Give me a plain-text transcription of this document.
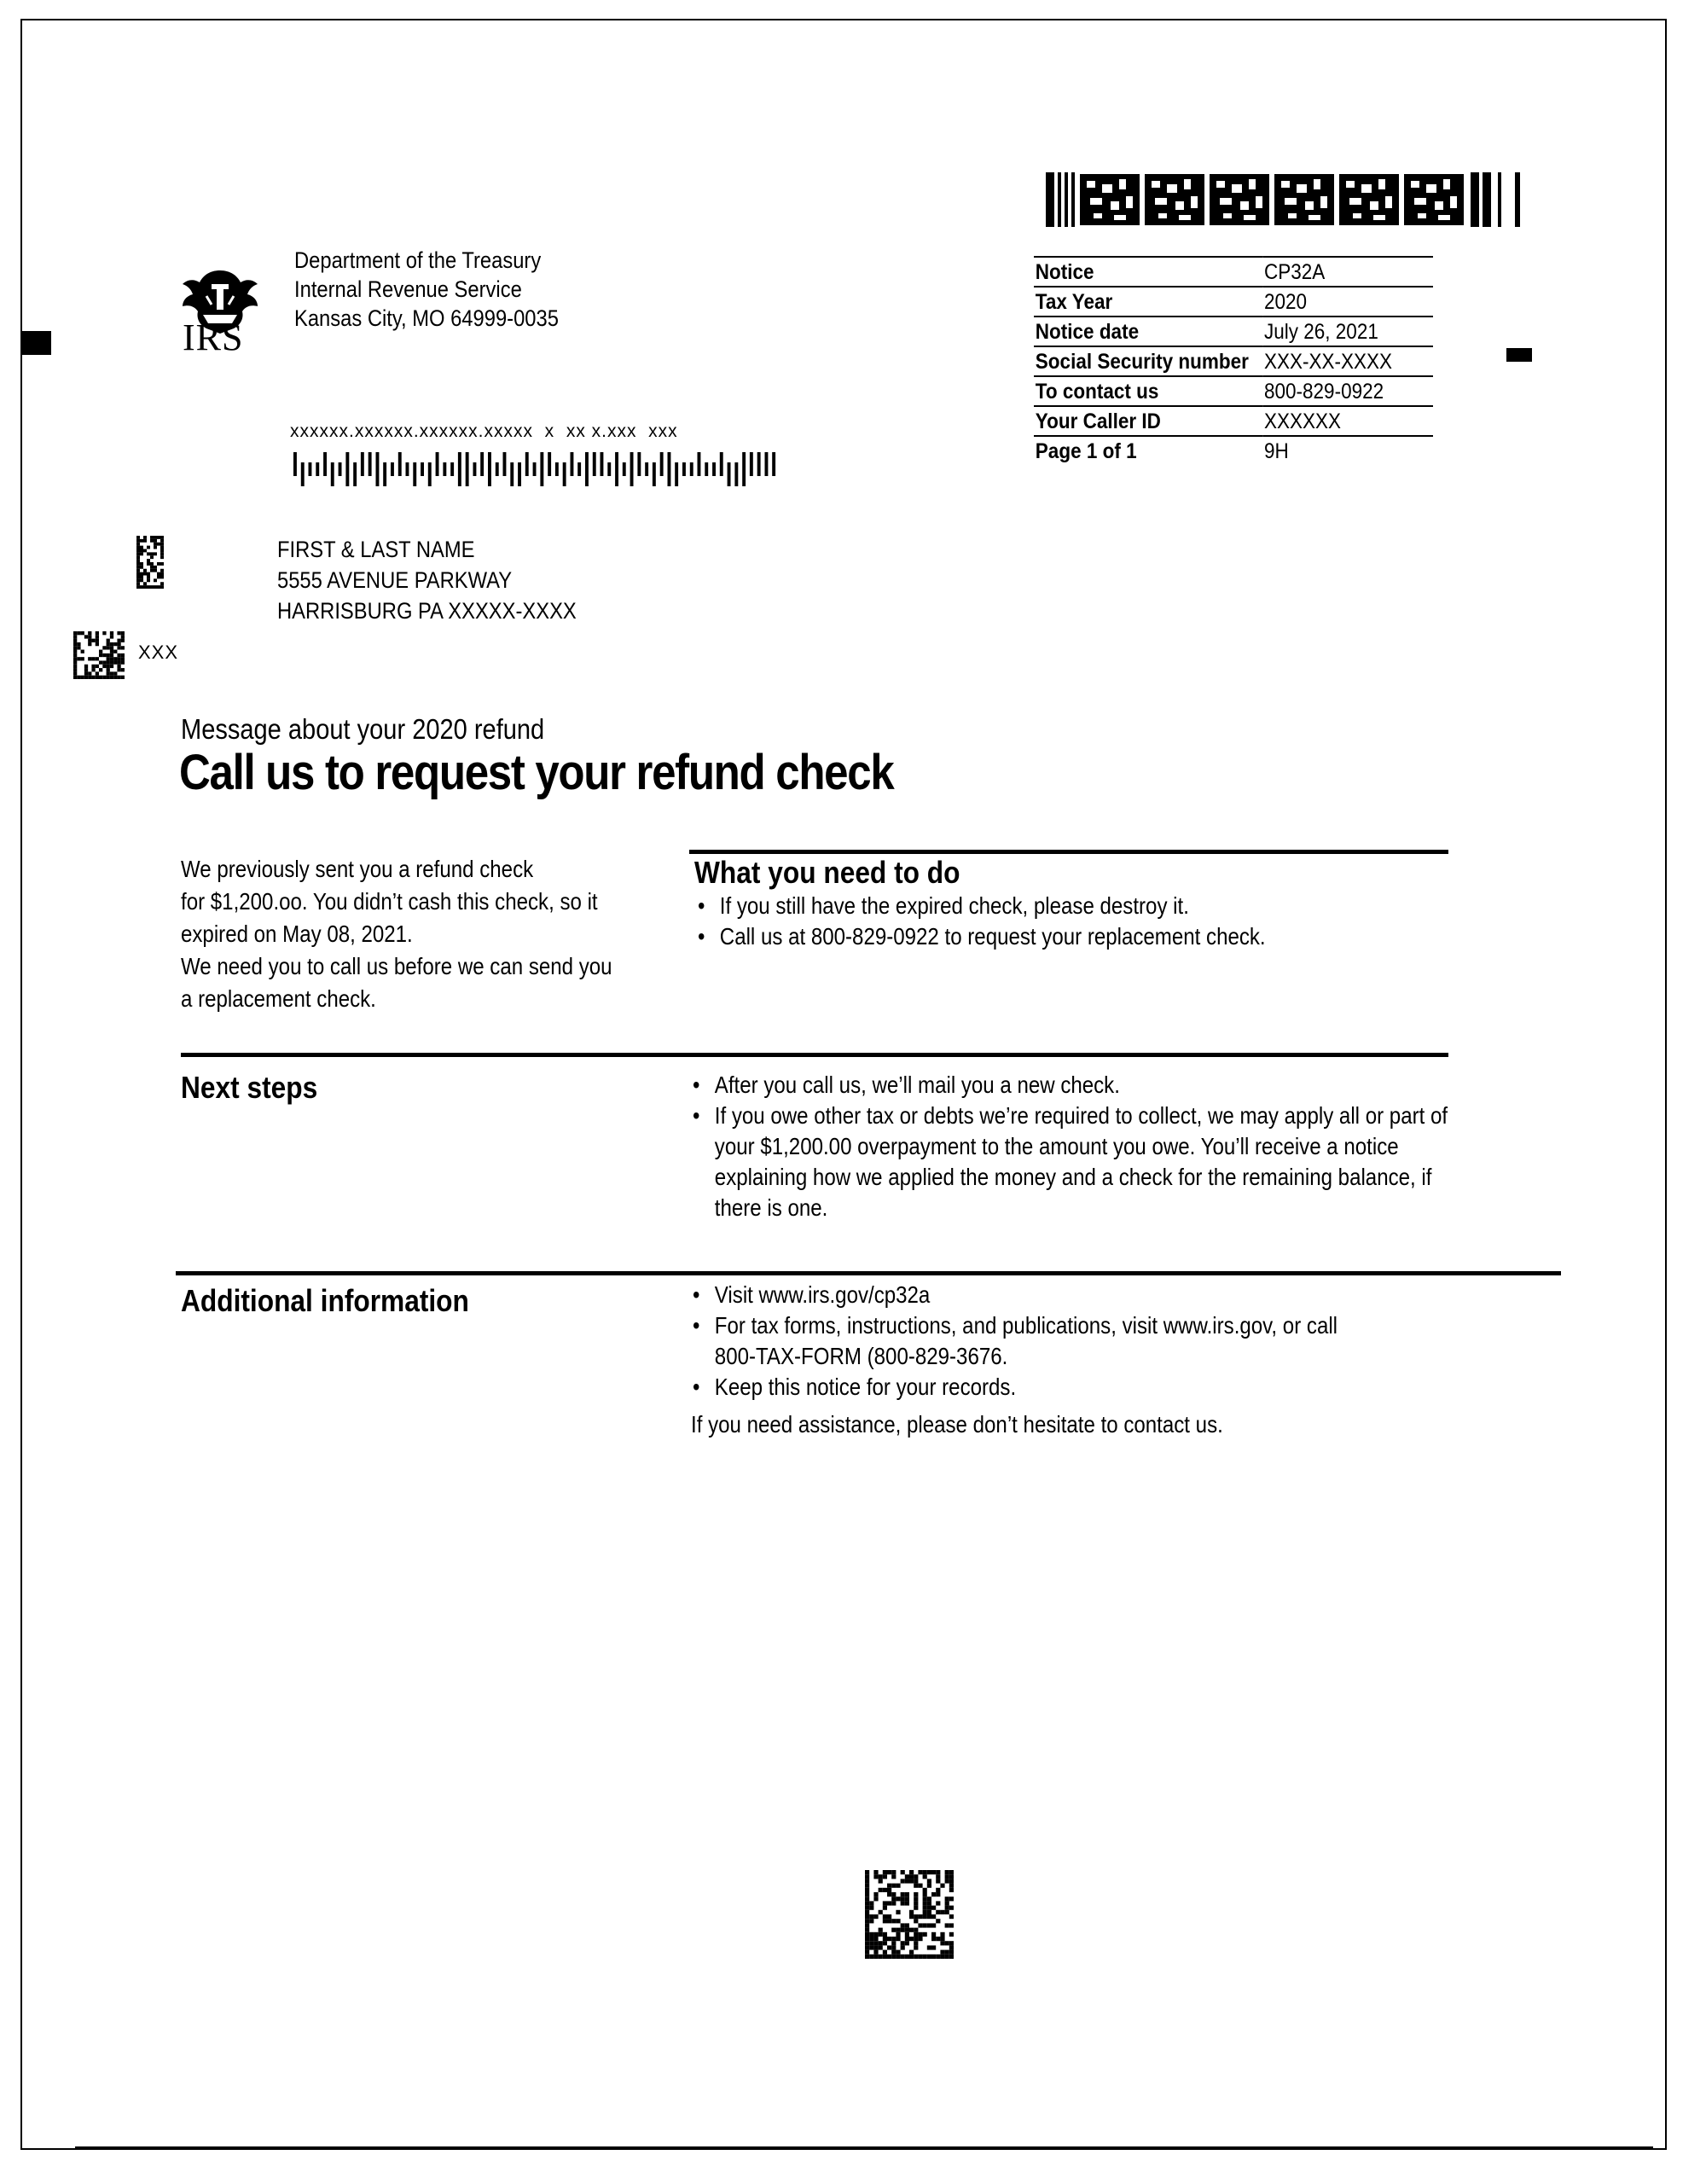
IRS
Department of the Treasury
Internal Revenue Service
Kansas City, MO 64999-0035
Notice	CP32A
Tax Year	2020
Notice date	July 26, 2021
Social Security number	XXX-XX-XXXX
To contact us	800-829-0922
Your Caller ID	XXXXXX
Page 1 of 1	9H
xxxxxx.xxxxxx.xxxxxx.xxxxx  x  xx x.xxx  xxx
XXX
FIRST & LAST NAME
5555 AVENUE PARKWAY
HARRISBURG PA XXXXX-XXXX
Message about your 2020 refund
Call us to request your refund check
We previously sent you a refund check
for $1,200.oo. You didn’t cash this check, so it
expired on May 08, 2021.
We need you to call us before we can send you
a replacement check.
What you need to do
• If you still have the expired check, please destroy it.
• Call us at 800-829-0922 to request your replacement check.
Next steps	• After you call us, we’ll mail you a new check.
• If you owe other tax or debts we’re required to collect, we may apply all or part of
your $1,200.00 overpayment to the amount you owe. You’ll receive a notice
explaining how we applied the money and a check for the remaining balance, if
there is one.
Additional information	• Visit www.irs.gov/cp32a
• For tax forms, instructions, and publications, visit www.irs.gov, or call
800-TAX-FORM (800-829-3676.
• Keep this notice for your records.
If you need assistance, please don’t hesitate to contact us.
